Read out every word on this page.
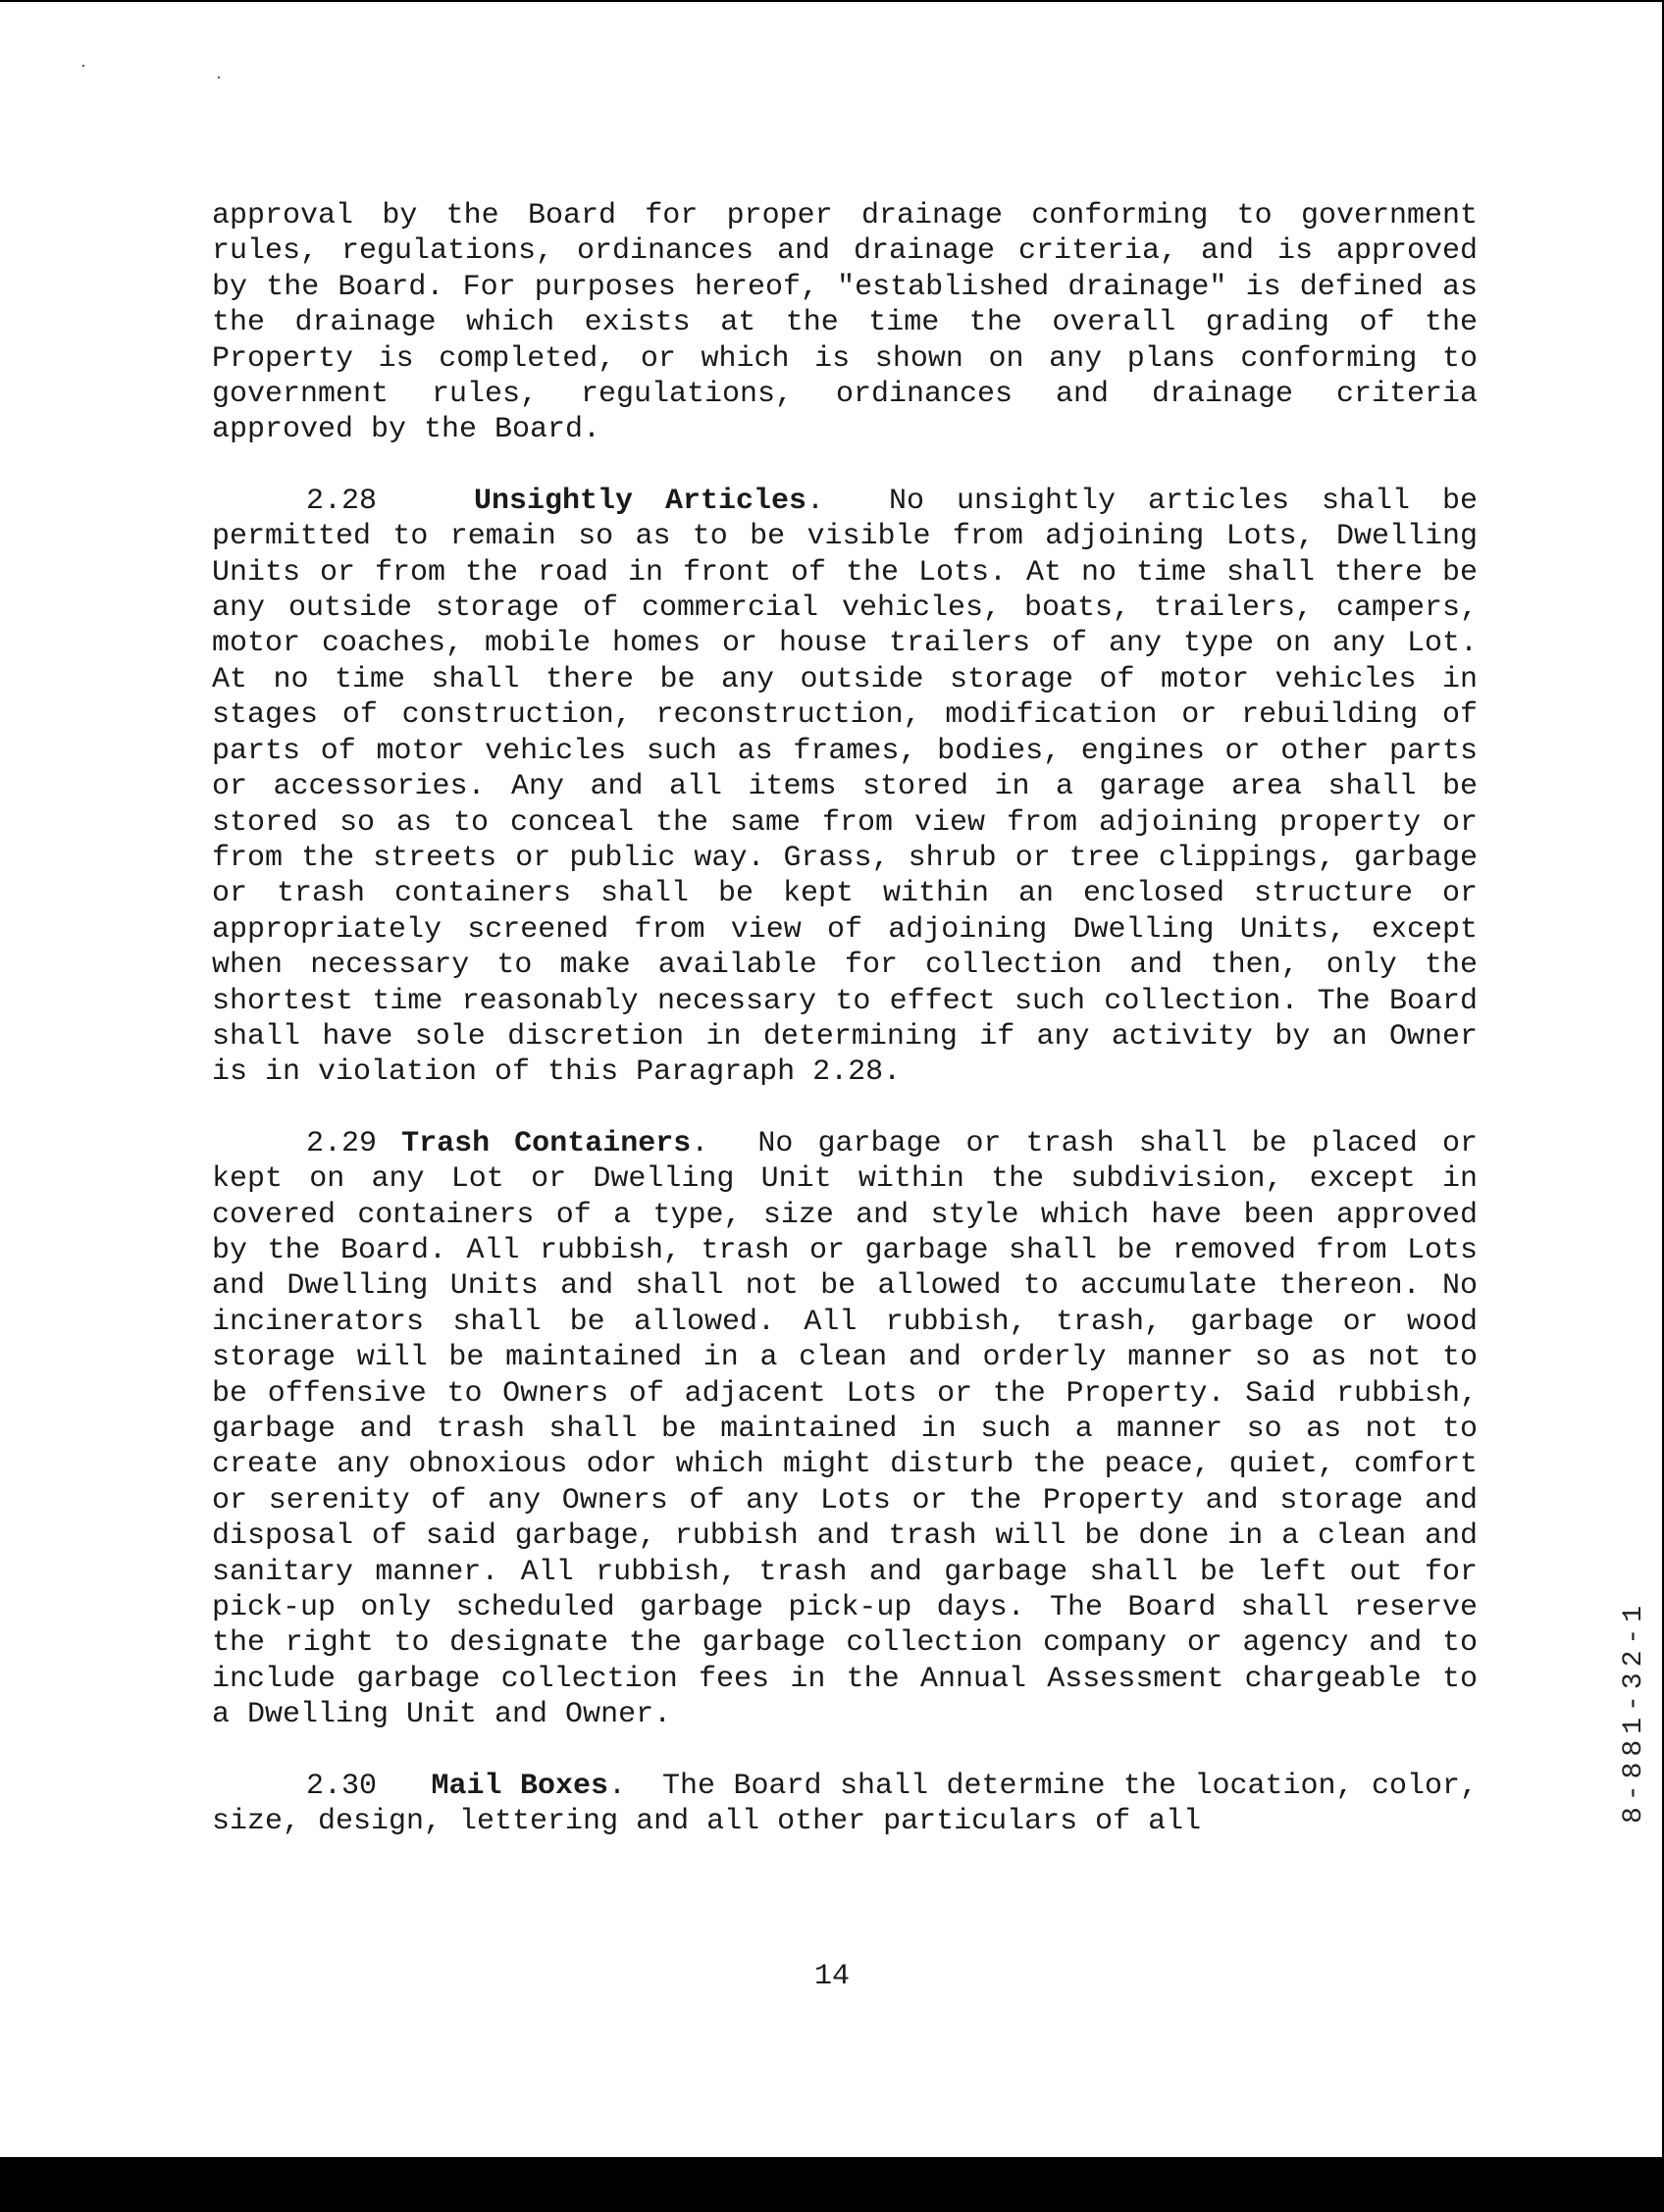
approval by the Board for proper drainage conforming to government rules, regulations, ordinances and drainage criteria, and is approved by the Board. For purposes hereof, "established drainage" is defined as the drainage which exists at the time the overall grading of the Property is completed, or which is shown on any plans conforming to government rules, regulations, ordinances and drainage criteria approved by the Board.

2.28	Unsightly Articles.  No unsightly articles shall be permitted to remain so as to be visible from adjoining Lots, Dwelling Units or from the road in front of the Lots. At no time shall there be any outside storage of commercial vehicles, boats, trailers, campers, motor coaches, mobile homes or house trailers of any type on any Lot. At no time shall there be any outside storage of motor vehicles in stages of construction, reconstruction, modification or rebuilding of parts of motor vehicles such as frames, bodies, engines or other parts or accessories. Any and all items stored in a garage area shall be stored so as to conceal the same from view from adjoining property or from the streets or public way. Grass, shrub or tree clippings, garbage or trash containers shall be kept within an enclosed structure or appropriately screened from view of adjoining Dwelling Units, except when necessary to make available for collection and then, only the shortest time reasonably necessary to effect such collection. The Board shall have sole discretion in determining if any activity by an Owner is in violation of this Paragraph 2.28.

2.29 Trash Containers.  No garbage or trash shall be placed or kept on any Lot or Dwelling Unit within the subdivision, except in covered containers of a type, size and style which have been approved by the Board. All rubbish, trash or garbage shall be removed from Lots and Dwelling Units and shall not be allowed to accumulate thereon. No incinerators shall be allowed. All rubbish, trash, garbage or wood storage will be maintained in a clean and orderly manner so as not to be offensive to Owners of adjacent Lots or the Property. Said rubbish, garbage and trash shall be maintained in such a manner so as not to create any obnoxious odor which might disturb the peace, quiet, comfort or serenity of any Owners of any Lots or the Property and storage and disposal of said garbage, rubbish and trash will be done in a clean and sanitary manner. All rubbish, trash and garbage shall be left out for pick-up only scheduled garbage pick-up days. The Board shall reserve the right to designate the garbage collection company or agency and to include garbage collection fees in the Annual Assessment chargeable to a Dwelling Unit and Owner.

2.30 Mail Boxes.  The Board shall determine the location, color, size, design, lettering and all other particulars of all

14
8-881-32-1
